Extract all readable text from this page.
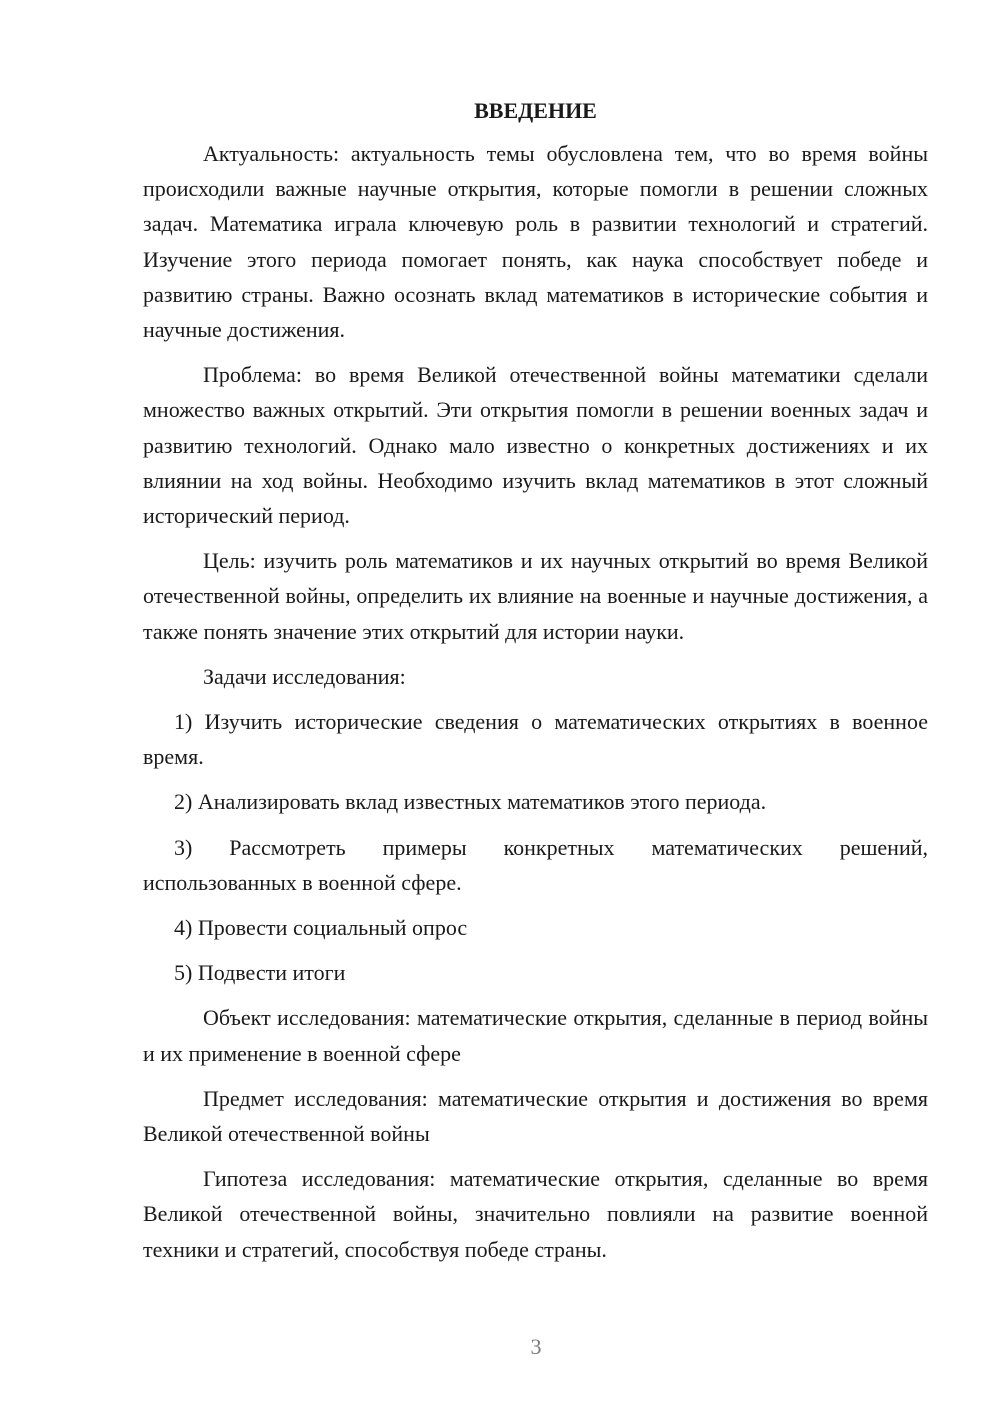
ВВЕДЕНИЕ

Актуальность: актуальность темы обусловлена тем, что во время войны происходили важные научные открытия, которые помогли в решении сложных задач. Математика играла ключевую роль в развитии технологий и стратегий. Изучение этого периода помогает понять, как наука способствует победе и развитию страны. Важно осознать вклад математиков в исторические события и научные достижения.

Проблема: во время Великой отечественной войны математики сделали множество важных открытий. Эти открытия помогли в решении военных задач и развитию технологий. Однако мало известно о конкретных достижениях и их влиянии на ход войны. Необходимо изучить вклад математиков в этот сложный исторический период.

Цель: изучить роль математиков и их научных открытий во время Великой отечественной войны, определить их влияние на военные и научные достижения, а также понять значение этих открытий для истории науки.

Задачи исследования:

1) Изучить исторические сведения о математических открытиях в военное время.

2) Анализировать вклад известных математиков этого периода.

3) Рассмотреть примеры конкретных математических решений, использованных в военной сфере.

4) Провести социальный опрос

5) Подвести итоги

Объект исследования: математические открытия, сделанные в период войны и их применение в военной сфере

Предмет исследования: математические открытия и достижения во время Великой отечественной войны

Гипотеза исследования: математические открытия, сделанные во время Великой отечественной войны, значительно повлияли на развитие военной техники и стратегий, способствуя победе страны.

3
